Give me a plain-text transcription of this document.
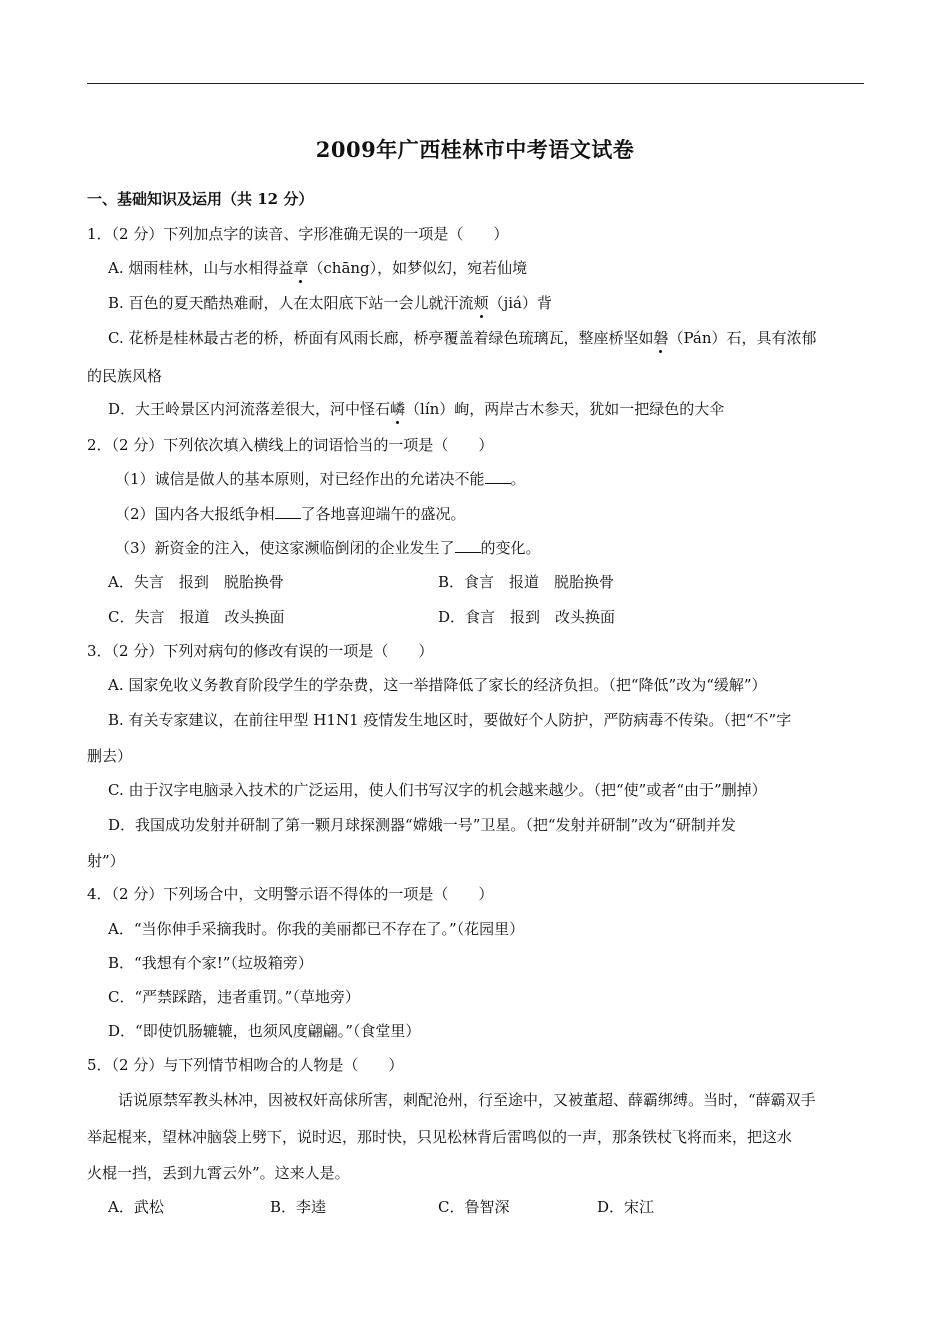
2009年广西桂林市中考语文试卷
一、基础知识及运用（共 12 分）
1．（2 分）下列加点字的读音、字形准确无误的一项是（　　）
A. 烟雨桂林，山与水相得益章（chāng），如梦似幻，宛若仙境
B. 百色的夏天酷热难耐，人在太阳底下站一会儿就汗流颊（jiá）背
C. 花桥是桂林最古老的桥，桥面有风雨长廊，桥亭覆盖着绿色琉璃瓦，整座桥坚如磐（Pán）石，具有浓郁
的民族风格
D．大王岭景区内河流落差很大，河中怪石嶙（lín）峋，两岸古木参天，犹如一把绿色的大伞
2．（2 分）下列依次填入横线上的词语恰当的一项是（　　）
（1）诚信是做人的基本原则，对已经作出的允诺决不能 。
（2）国内各大报纸争相 了各地喜迎端午的盛况。
（3）新资金的注入，使这家濒临倒闭的企业发生了 的变化。
A．失言　报到　脱胎换骨	B．食言　报道　脱胎换骨
C．失言　报道　改头换面	D．食言　报到　改头换面
3．（2 分）下列对病句的修改有误的一项是（　　）
A. 国家免收义务教育阶段学生的学杂费，这一举措降低了家长的经济负担。（把“降低”改为“缓解”）
B. 有关专家建议，在前往甲型 H1N1 疫情发生地区时，要做好个人防护，严防病毒不传染。（把“不”字
删去）
C. 由于汉字电脑录入技术的广泛运用，使人们书写汉字的机会越来越少。（把“使”或者“由于”删掉）
D．我国成功发射并研制了第一颗月球探测器“嫦娥一号”卫星。（把“发射并研制”改为“研制并发
射”）
4．（2 分）下列场合中，文明警示语不得体的一项是（　　）
A．“当你伸手采摘我时。你我的美丽都已不存在了。”（花园里）
B．“我想有个家!”（垃圾箱旁）
C．“严禁踩踏，违者重罚。”（草地旁）
D．“即使饥肠辘辘，也须风度翩翩。”（食堂里）
5．（2 分）与下列情节相吻合的人物是（　　）
话说原禁军教头林冲，因被权奸高俅所害，刺配沧州，行至途中，又被董超、薛霸绑缚。当时，“薛霸双手
举起棍来，望林冲脑袋上劈下，说时迟，那时快，只见松林背后雷鸣似的一声，那条铁杖飞将而来，把这水
火棍一挡，丢到九霄云外”。这来人是。
A．武松	B．李逵	C．鲁智深	D．宋江
